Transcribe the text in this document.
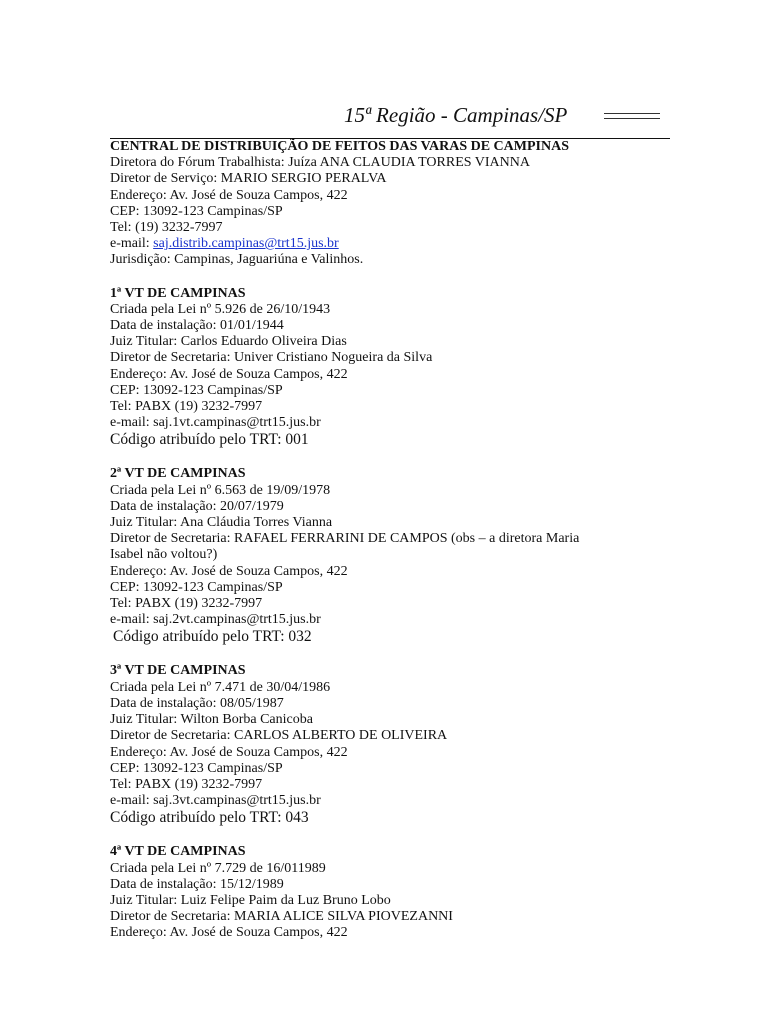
15ª Região - Campinas/SP
CENTRAL DE DISTRIBUIÇÃO DE FEITOS DAS VARAS DE CAMPINAS
Diretora do Fórum Trabalhista: Juíza ANA CLAUDIA TORRES VIANNA
Diretor de Serviço: MARIO SERGIO PERALVA
Endereço: Av. José de Souza Campos, 422
CEP: 13092-123 Campinas/SP
Tel: (19) 3232-7997
e-mail: saj.distrib.campinas@trt15.jus.br
Jurisdição: Campinas, Jaguariúna e Valinhos.
1ª VT DE CAMPINAS
Criada pela Lei nº 5.926 de 26/10/1943
Data de instalação: 01/01/1944
Juiz Titular: Carlos Eduardo Oliveira Dias
Diretor de Secretaria: Univer Cristiano Nogueira da Silva
Endereço: Av. José de Souza Campos, 422
CEP: 13092-123 Campinas/SP
Tel: PABX (19) 3232-7997
e-mail: saj.1vt.campinas@trt15.jus.br
Código atribuído pelo TRT: 001
2ª VT DE CAMPINAS
Criada pela Lei nº 6.563 de 19/09/1978
Data de instalação: 20/07/1979
Juiz Titular: Ana Cláudia Torres Vianna
Diretor de Secretaria: RAFAEL FERRARINI DE CAMPOS (obs – a diretora Maria
Isabel não voltou?)
Endereço: Av. José de Souza Campos, 422
CEP: 13092-123 Campinas/SP
Tel: PABX (19) 3232-7997
e-mail: saj.2vt.campinas@trt15.jus.br
Código atribuído pelo TRT: 032
3ª VT DE CAMPINAS
Criada pela Lei nº 7.471 de 30/04/1986
Data de instalação: 08/05/1987
Juiz Titular: Wilton Borba Canicoba
Diretor de Secretaria: CARLOS ALBERTO DE OLIVEIRA
Endereço: Av. José de Souza Campos, 422
CEP: 13092-123 Campinas/SP
Tel: PABX (19) 3232-7997
e-mail: saj.3vt.campinas@trt15.jus.br
Código atribuído pelo TRT: 043
4ª VT DE CAMPINAS
Criada pela Lei nº 7.729 de 16/011989
Data de instalação: 15/12/1989
Juiz Titular: Luiz Felipe Paim da Luz Bruno Lobo
Diretor de Secretaria: MARIA ALICE SILVA PIOVEZANNI
Endereço: Av. José de Souza Campos, 422
